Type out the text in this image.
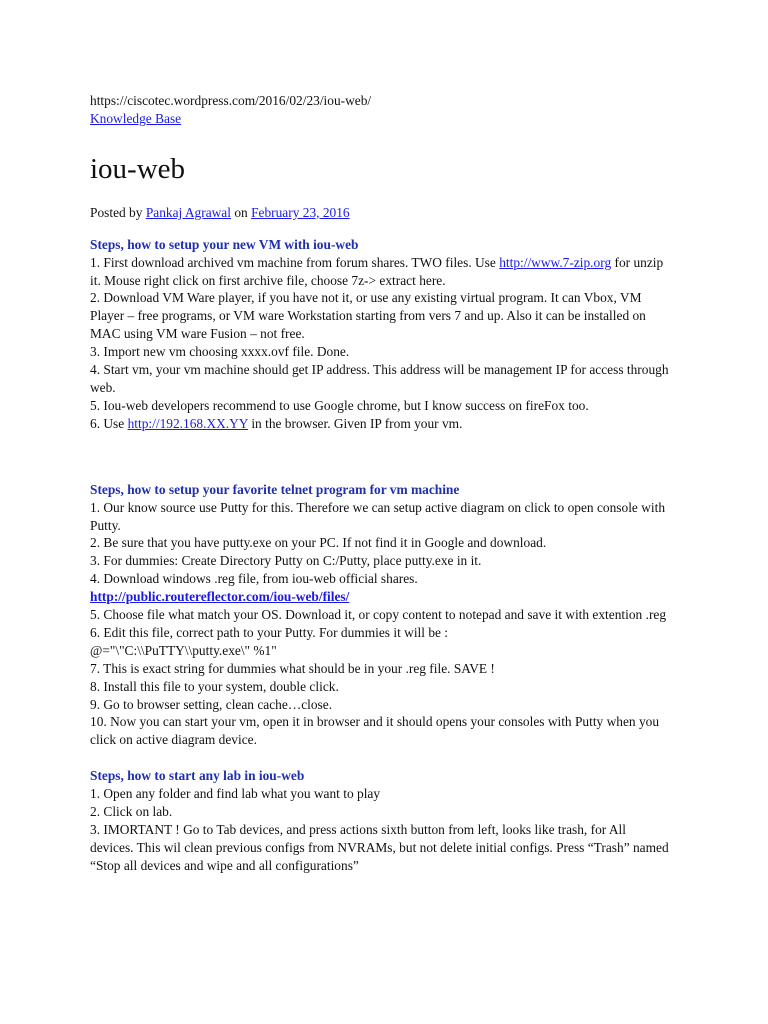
https://ciscotec.wordpress.com/2016/02/23/iou-web/

Knowledge Base

iou-web

Posted by Pankaj Agrawal on February 23, 2016

Steps, how to setup your new VM with iou-web

1. First download archived vm machine from forum shares. TWO files. Use http://www.7-zip.org for unzip it. Mouse right click on first archive file, choose 7z-> extract here.

2. Download VM Ware player, if you have not it, or use any existing virtual program. It can Vbox, VM Player – free programs, or VM ware Workstation starting from vers 7 and up. Also it can be installed on MAC using VM ware Fusion – not free.

3. Import new vm choosing xxxx.ovf file. Done.

4. Start vm, your vm machine should get IP address. This address will be management IP for access through web.

5. Iou-web developers recommend to use Google chrome, but I know success on fireFox too.

6. Use http://192.168.XX.YY in the browser. Given IP from your vm.

Steps, how to setup your favorite telnet program for vm machine

1. Our know source use Putty for this. Therefore we can setup active diagram on click to open console with Putty.

2. Be sure that you have putty.exe on your PC. If not find it in Google and download.

3. For dummies: Create Directory Putty on C:/Putty, place putty.exe in it.

4. Download windows .reg file, from iou-web official shares.

http://public.routereflector.com/iou-web/files/

5. Choose file what match your OS. Download it, or copy content to notepad and save it with extention .reg

6. Edit this file, correct path to your Putty. For dummies it will be :

@="\"C:\\PuTTY\\putty.exe\" %1"

7. This is exact string for dummies what should be in your .reg file. SAVE !

8. Install this file to your system, double click.

9. Go to browser setting, clean cache…close.

10. Now you can start your vm, open it in browser and it should opens your consoles with Putty when you click on active diagram device.

Steps, how to start any lab in iou-web

1. Open any folder and find lab what you want to play

2. Click on lab.

3. IMORTANT ! Go to Tab devices, and press actions sixth button from left, looks like trash, for All devices. This wil clean previous configs from NVRAMs, but not delete initial configs. Press “Trash” named “Stop all devices and wipe and all configurations”
